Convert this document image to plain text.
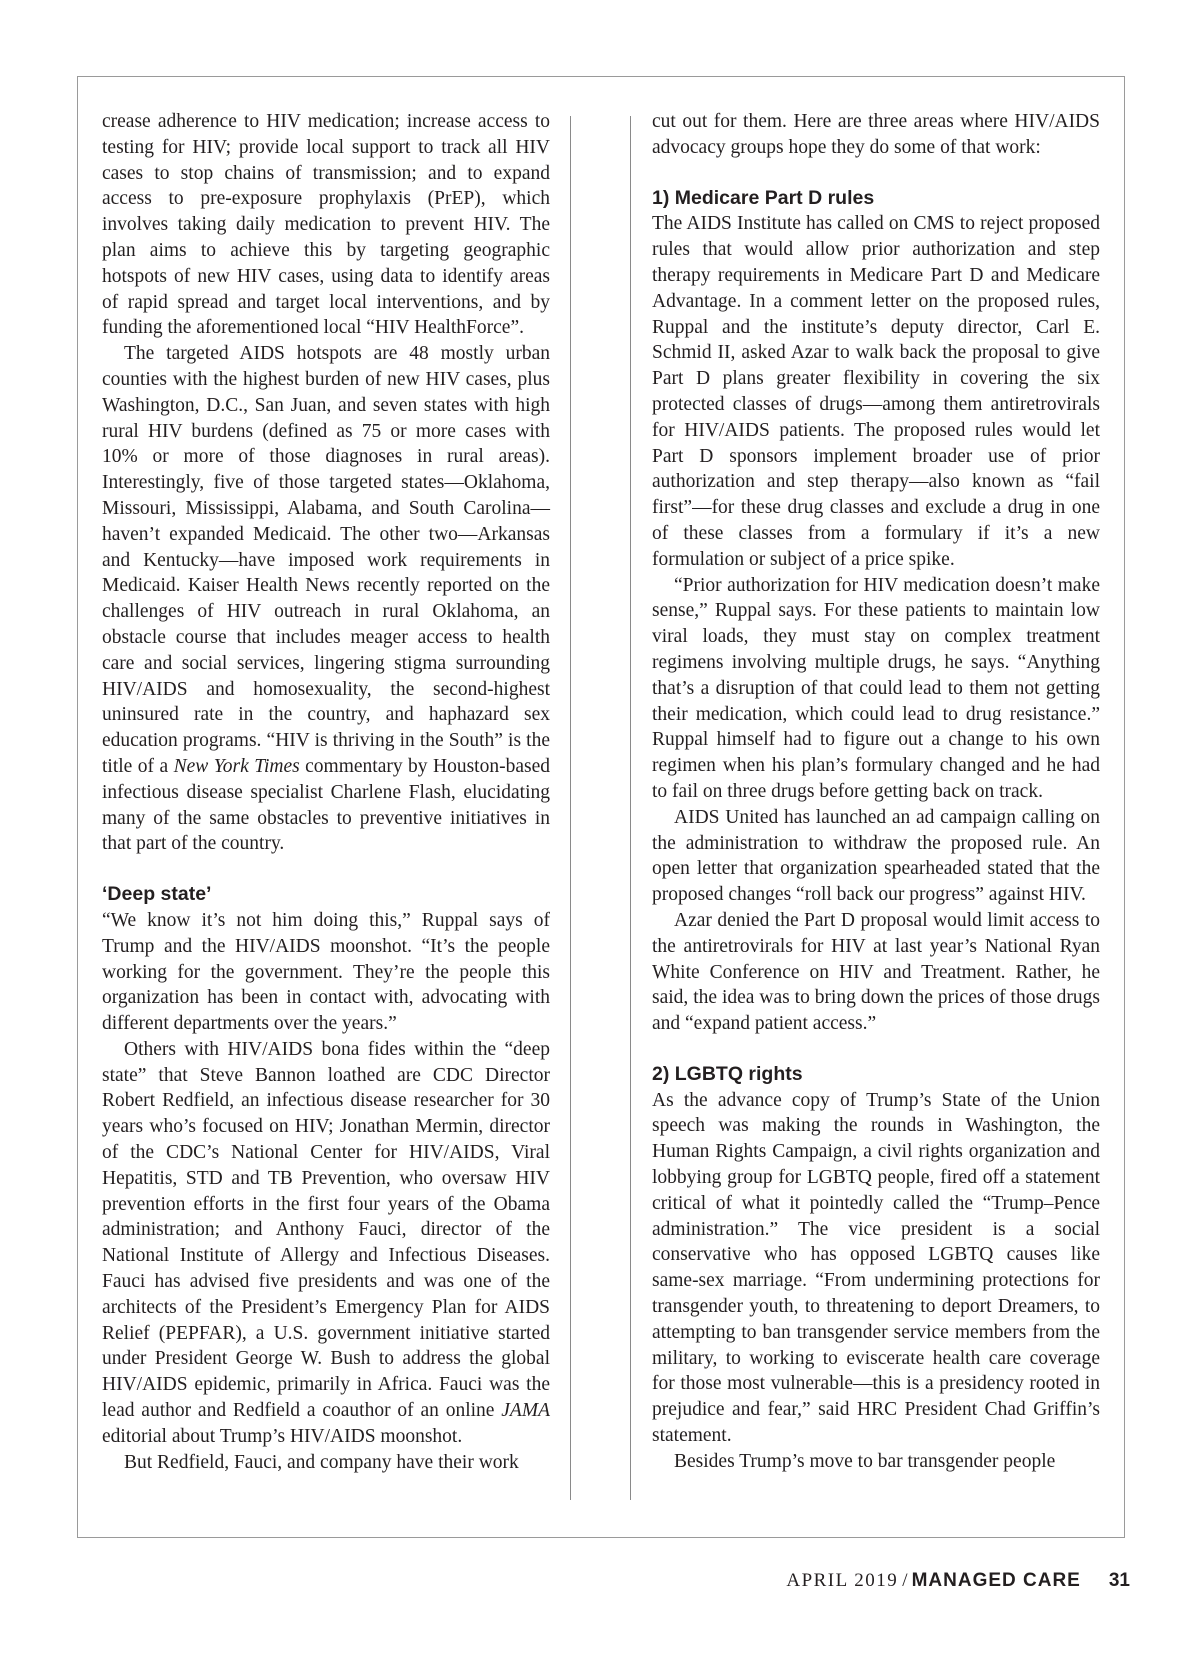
crease adherence to HIV medication; increase access to testing for HIV; provide local support to track all HIV cases to stop chains of transmission; and to expand access to pre-exposure prophylaxis (PrEP), which involves taking daily medication to prevent HIV. The plan aims to achieve this by targeting geographic hotspots of new HIV cases, using data to identify areas of rapid spread and target local interventions, and by funding the aforementioned local “HIV HealthForce”.

The targeted AIDS hotspots are 48 mostly urban counties with the highest burden of new HIV cases, plus Washington, D.C., San Juan, and seven states with high rural HIV burdens (defined as 75 or more cases with 10% or more of those diagnoses in rural areas). Interestingly, five of those targeted states—Oklahoma, Missouri, Mississippi, Alabama, and South Carolina—haven’t expanded Medicaid. The other two—Arkansas and Kentucky—have imposed work requirements in Medicaid. Kaiser Health News recently reported on the challenges of HIV outreach in rural Oklahoma, an obstacle course that includes meager access to health care and social services, lingering stigma surrounding HIV/AIDS and homosexuality, the second-highest uninsured rate in the country, and haphazard sex education programs. “HIV is thriving in the South” is the title of a New York Times commentary by Houston-based infectious disease specialist Charlene Flash, elucidating many of the same obstacles to preventive initiatives in that part of the country.

‘Deep state’

“We know it’s not him doing this,” Ruppal says of Trump and the HIV/AIDS moonshot. “It’s the people working for the government. They’re the people this organization has been in contact with, advocating with different departments over the years.”

Others with HIV/AIDS bona fides within the “deep state” that Steve Bannon loathed are CDC Director Robert Redfield, an infectious disease researcher for 30 years who’s focused on HIV; Jonathan Mermin, director of the CDC’s National Center for HIV/AIDS, Viral Hepatitis, STD and TB Prevention, who oversaw HIV prevention efforts in the first four years of the Obama administration; and Anthony Fauci, director of the National Institute of Allergy and Infectious Diseases. Fauci has advised five presidents and was one of the architects of the President’s Emergency Plan for AIDS Relief (PEPFAR), a U.S. government initiative started under President George W. Bush to address the global HIV/AIDS epidemic, primarily in Africa. Fauci was the lead author and Redfield a coauthor of an online JAMA editorial about Trump’s HIV/AIDS moonshot.

But Redfield, Fauci, and company have their work

cut out for them. Here are three areas where HIV/AIDS advocacy groups hope they do some of that work:

1) Medicare Part D rules

The AIDS Institute has called on CMS to reject proposed rules that would allow prior authorization and step therapy requirements in Medicare Part D and Medicare Advantage. In a comment letter on the proposed rules, Ruppal and the institute’s deputy director, Carl E. Schmid II, asked Azar to walk back the proposal to give Part D plans greater flexibility in covering the six protected classes of drugs—among them antiretrovirals for HIV/AIDS patients. The proposed rules would let Part D sponsors implement broader use of prior authorization and step therapy—also known as “fail first”—for these drug classes and exclude a drug in one of these classes from a formulary if it’s a new formulation or subject of a price spike.

“Prior authorization for HIV medication doesn’t make sense,” Ruppal says. For these patients to maintain low viral loads, they must stay on complex treatment regimens involving multiple drugs, he says. “Anything that’s a disruption of that could lead to them not getting their medication, which could lead to drug resistance.” Ruppal himself had to figure out a change to his own regimen when his plan’s formulary changed and he had to fail on three drugs before getting back on track.

AIDS United has launched an ad campaign calling on the administration to withdraw the proposed rule. An open letter that organization spearheaded stated that the proposed changes “roll back our progress” against HIV.

Azar denied the Part D proposal would limit access to the antiretrovirals for HIV at last year’s National Ryan White Conference on HIV and Treatment. Rather, he said, the idea was to bring down the prices of those drugs and “expand patient access.”

2) LGBTQ rights

As the advance copy of Trump’s State of the Union speech was making the rounds in Washington, the Human Rights Campaign, a civil rights organization and lobbying group for LGBTQ people, fired off a statement critical of what it pointedly called the “Trump–Pence administration.” The vice president is a social conservative who has opposed LGBTQ causes like same-sex marriage. “From undermining protections for transgender youth, to threatening to deport Dreamers, to attempting to ban transgender service members from the military, to working to eviscerate health care coverage for those most vulnerable—this is a presidency rooted in prejudice and fear,” said HRC President Chad Griffin’s statement.

Besides Trump’s move to bar transgender people

APRIL 2019 / MANAGED CARE 31
